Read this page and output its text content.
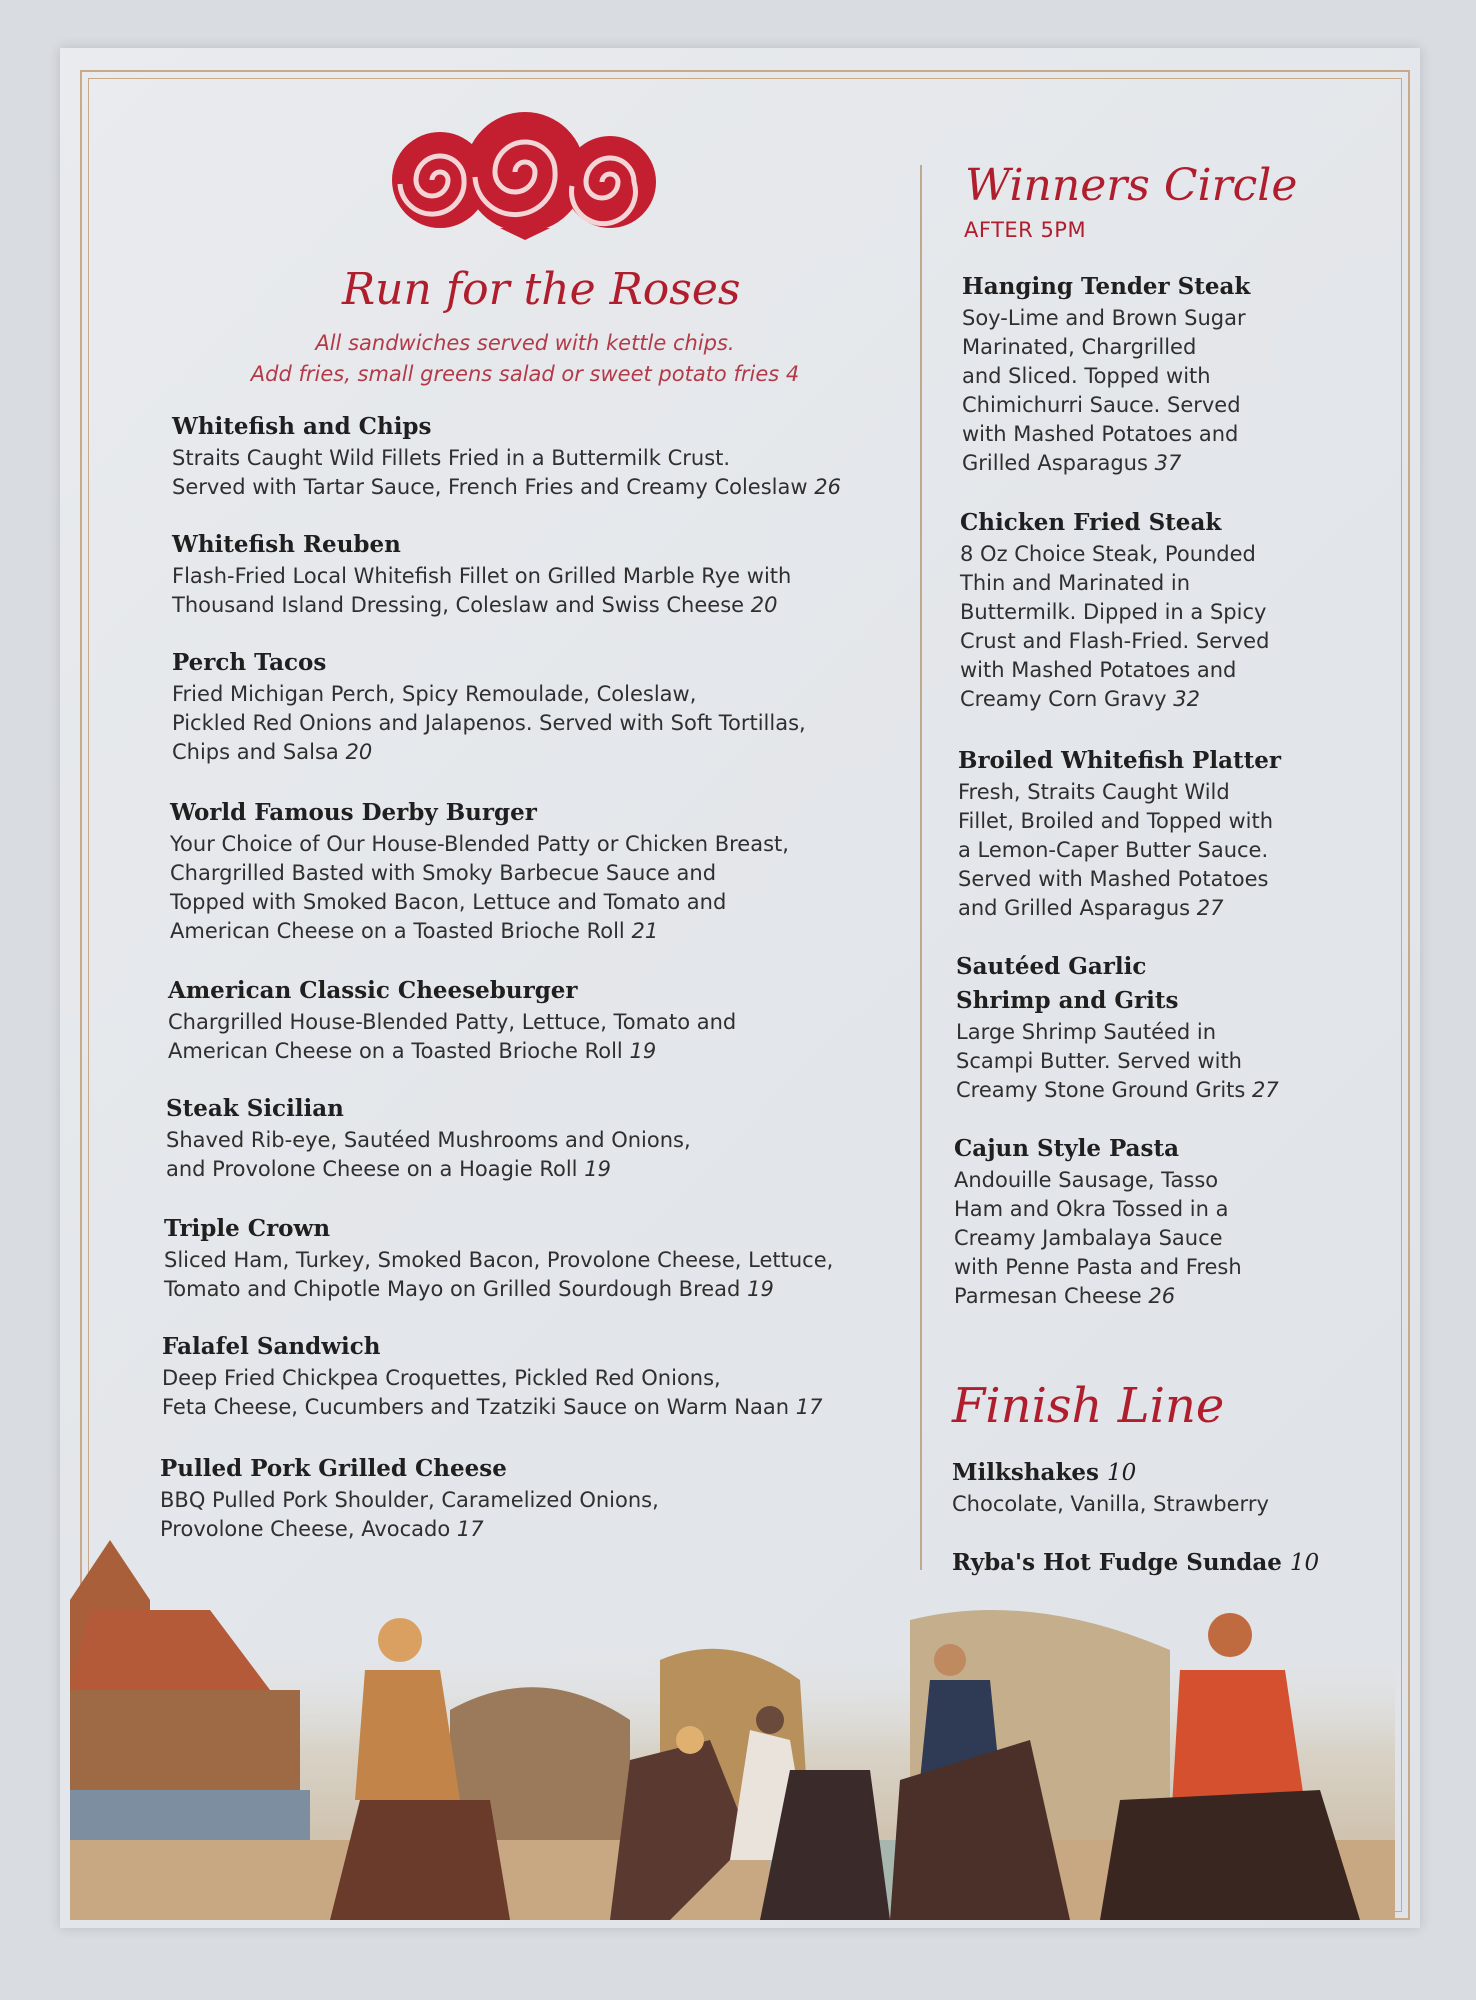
Run for the Roses
All sandwiches served with kettle chips.
Add fries, small greens salad or sweet potato fries 4
Whitefish and Chips
Straits Caught Wild Fillets Fried in a Buttermilk Crust.
Served with Tartar Sauce, French Fries and Creamy Coleslaw 26
Whitefish Reuben
Flash-Fried Local Whitefish Fillet on Grilled Marble Rye with
Thousand Island Dressing, Coleslaw and Swiss Cheese 20
Perch Tacos
Fried Michigan Perch, Spicy Remoulade, Coleslaw,
Pickled Red Onions and Jalapenos. Served with Soft Tortillas,
Chips and Salsa 20
World Famous Derby Burger
Your Choice of Our House-Blended Patty or Chicken Breast,
Chargrilled Basted with Smoky Barbecue Sauce and
Topped with Smoked Bacon, Lettuce and Tomato and
American Cheese on a Toasted Brioche Roll 21
American Classic Cheeseburger
Chargrilled House-Blended Patty, Lettuce, Tomato and
American Cheese on a Toasted Brioche Roll 19
Steak Sicilian
Shaved Rib-eye, Sautéed Mushrooms and Onions,
and Provolone Cheese on a Hoagie Roll 19
Triple Crown
Sliced Ham, Turkey, Smoked Bacon, Provolone Cheese, Lettuce,
Tomato and Chipotle Mayo on Grilled Sourdough Bread 19
Falafel Sandwich
Deep Fried Chickpea Croquettes, Pickled Red Onions,
Feta Cheese, Cucumbers and Tzatziki Sauce on Warm Naan 17
Pulled Pork Grilled Cheese
BBQ Pulled Pork Shoulder, Caramelized Onions,
Provolone Cheese, Avocado 17
Winners Circle
AFTER 5PM
Hanging Tender Steak
Soy-Lime and Brown Sugar
Marinated, Chargrilled
and Sliced. Topped with
Chimichurri Sauce. Served
with Mashed Potatoes and
Grilled Asparagus 37
Chicken Fried Steak
8 Oz Choice Steak, Pounded
Thin and Marinated in
Buttermilk. Dipped in a Spicy
Crust and Flash-Fried. Served
with Mashed Potatoes and
Creamy Corn Gravy 32
Broiled Whitefish Platter
Fresh, Straits Caught Wild
Fillet, Broiled and Topped with
a Lemon-Caper Butter Sauce.
Served with Mashed Potatoes
and Grilled Asparagus 27
Sautéed Garlic
Shrimp and Grits
Large Shrimp Sautéed in
Scampi Butter. Served with
Creamy Stone Ground Grits 27
Cajun Style Pasta
Andouille Sausage, Tasso
Ham and Okra Tossed in a
Creamy Jambalaya Sauce
with Penne Pasta and Fresh
Parmesan Cheese 26
Finish Line
Milkshakes 10
Chocolate, Vanilla, Strawberry
Ryba's Hot Fudge Sundae 10
